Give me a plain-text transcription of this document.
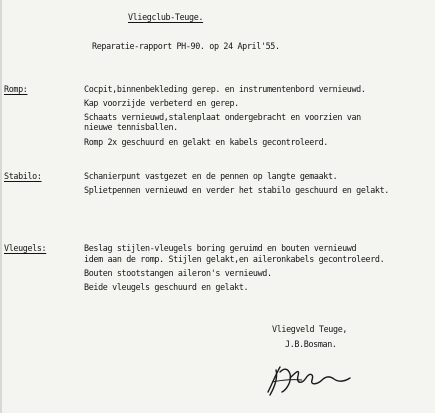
Vliegclub-Teuge.
Reparatie-rapport PH-90. op 24 April'55.
Romp:	Cocpit,binnenbekleding gerep. en instrumentenbord vernieuwd.
Kap voorzijde verbeterd en gerep.
Schaats vernieuwd,stalenplaat ondergebracht en voorzien van
nieuwe tennisballen.
Romp 2x geschuurd en gelakt en kabels gecontroleerd.
Stabilo:	Schanierpunt vastgezet en de pennen op langte gemaakt.
Splietpennen vernieuwd en verder het stabilo geschuurd en gelakt.
Vleugels:	Beslag stijlen-vleugels boring geruimd en bouten vernieuwd
idem aan de romp. Stijlen gelakt,en aileronkabels gecontroleerd.
Bouten stootstangen aileron's vernieuwd.
Beide vleugels geschuurd en gelakt.
Vliegveld Teuge,
J.B.Bosman.
